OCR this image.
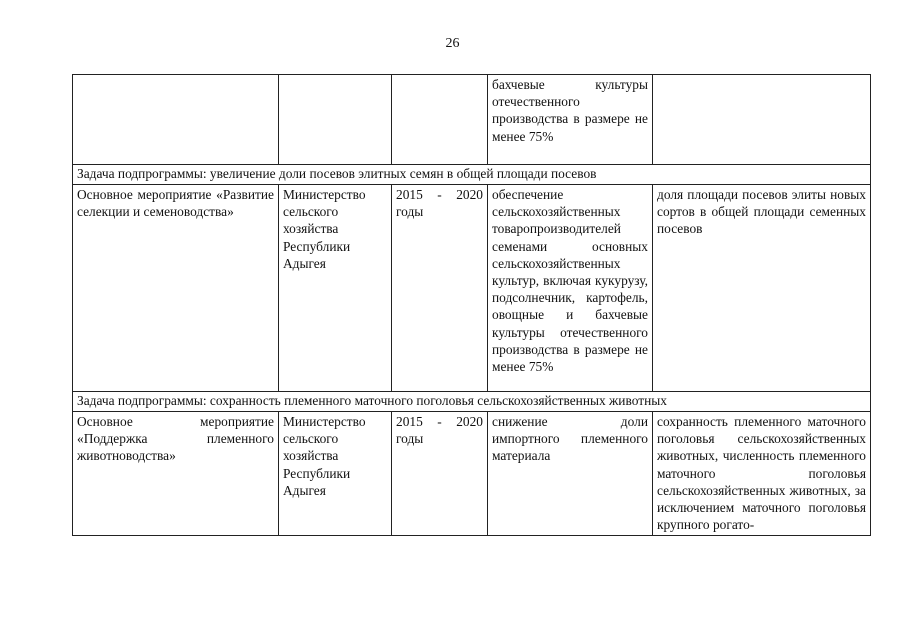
26
			бахчевые культуры отечественного производства в размере не менее 75%	
Задача подпрограммы: увеличение доли посевов элитных семян в общей площади посевов				
Основное мероприятие «Развитие селекции и семеноводства»	Министерство сельского хозяйства Республики Адыгея	2015 - 2020 годы	обеспечение сельскохозяйственных товаропроизводителей семенами основных сельскохозяйственных культур, включая кукурузу, подсолнечник, картофель, овощные и бахчевые культуры отечественного производства в размере не менее 75%	доля площади посевов элиты новых сортов в общей площади семенных посевов
Задача подпрограммы: сохранность племенного маточного поголовья сельскохозяйственных животных				
Основное мероприятие «Поддержка племенного животноводства»	Министерство сельского хозяйства Республики Адыгея	2015 - 2020 годы	снижение доли импортного племенного материала	сохранность племенного маточного поголовья сельскохозяйственных животных, численность племенного маточного поголовья сельскохозяйственных животных, за исключением маточного поголовья крупного рогато-
